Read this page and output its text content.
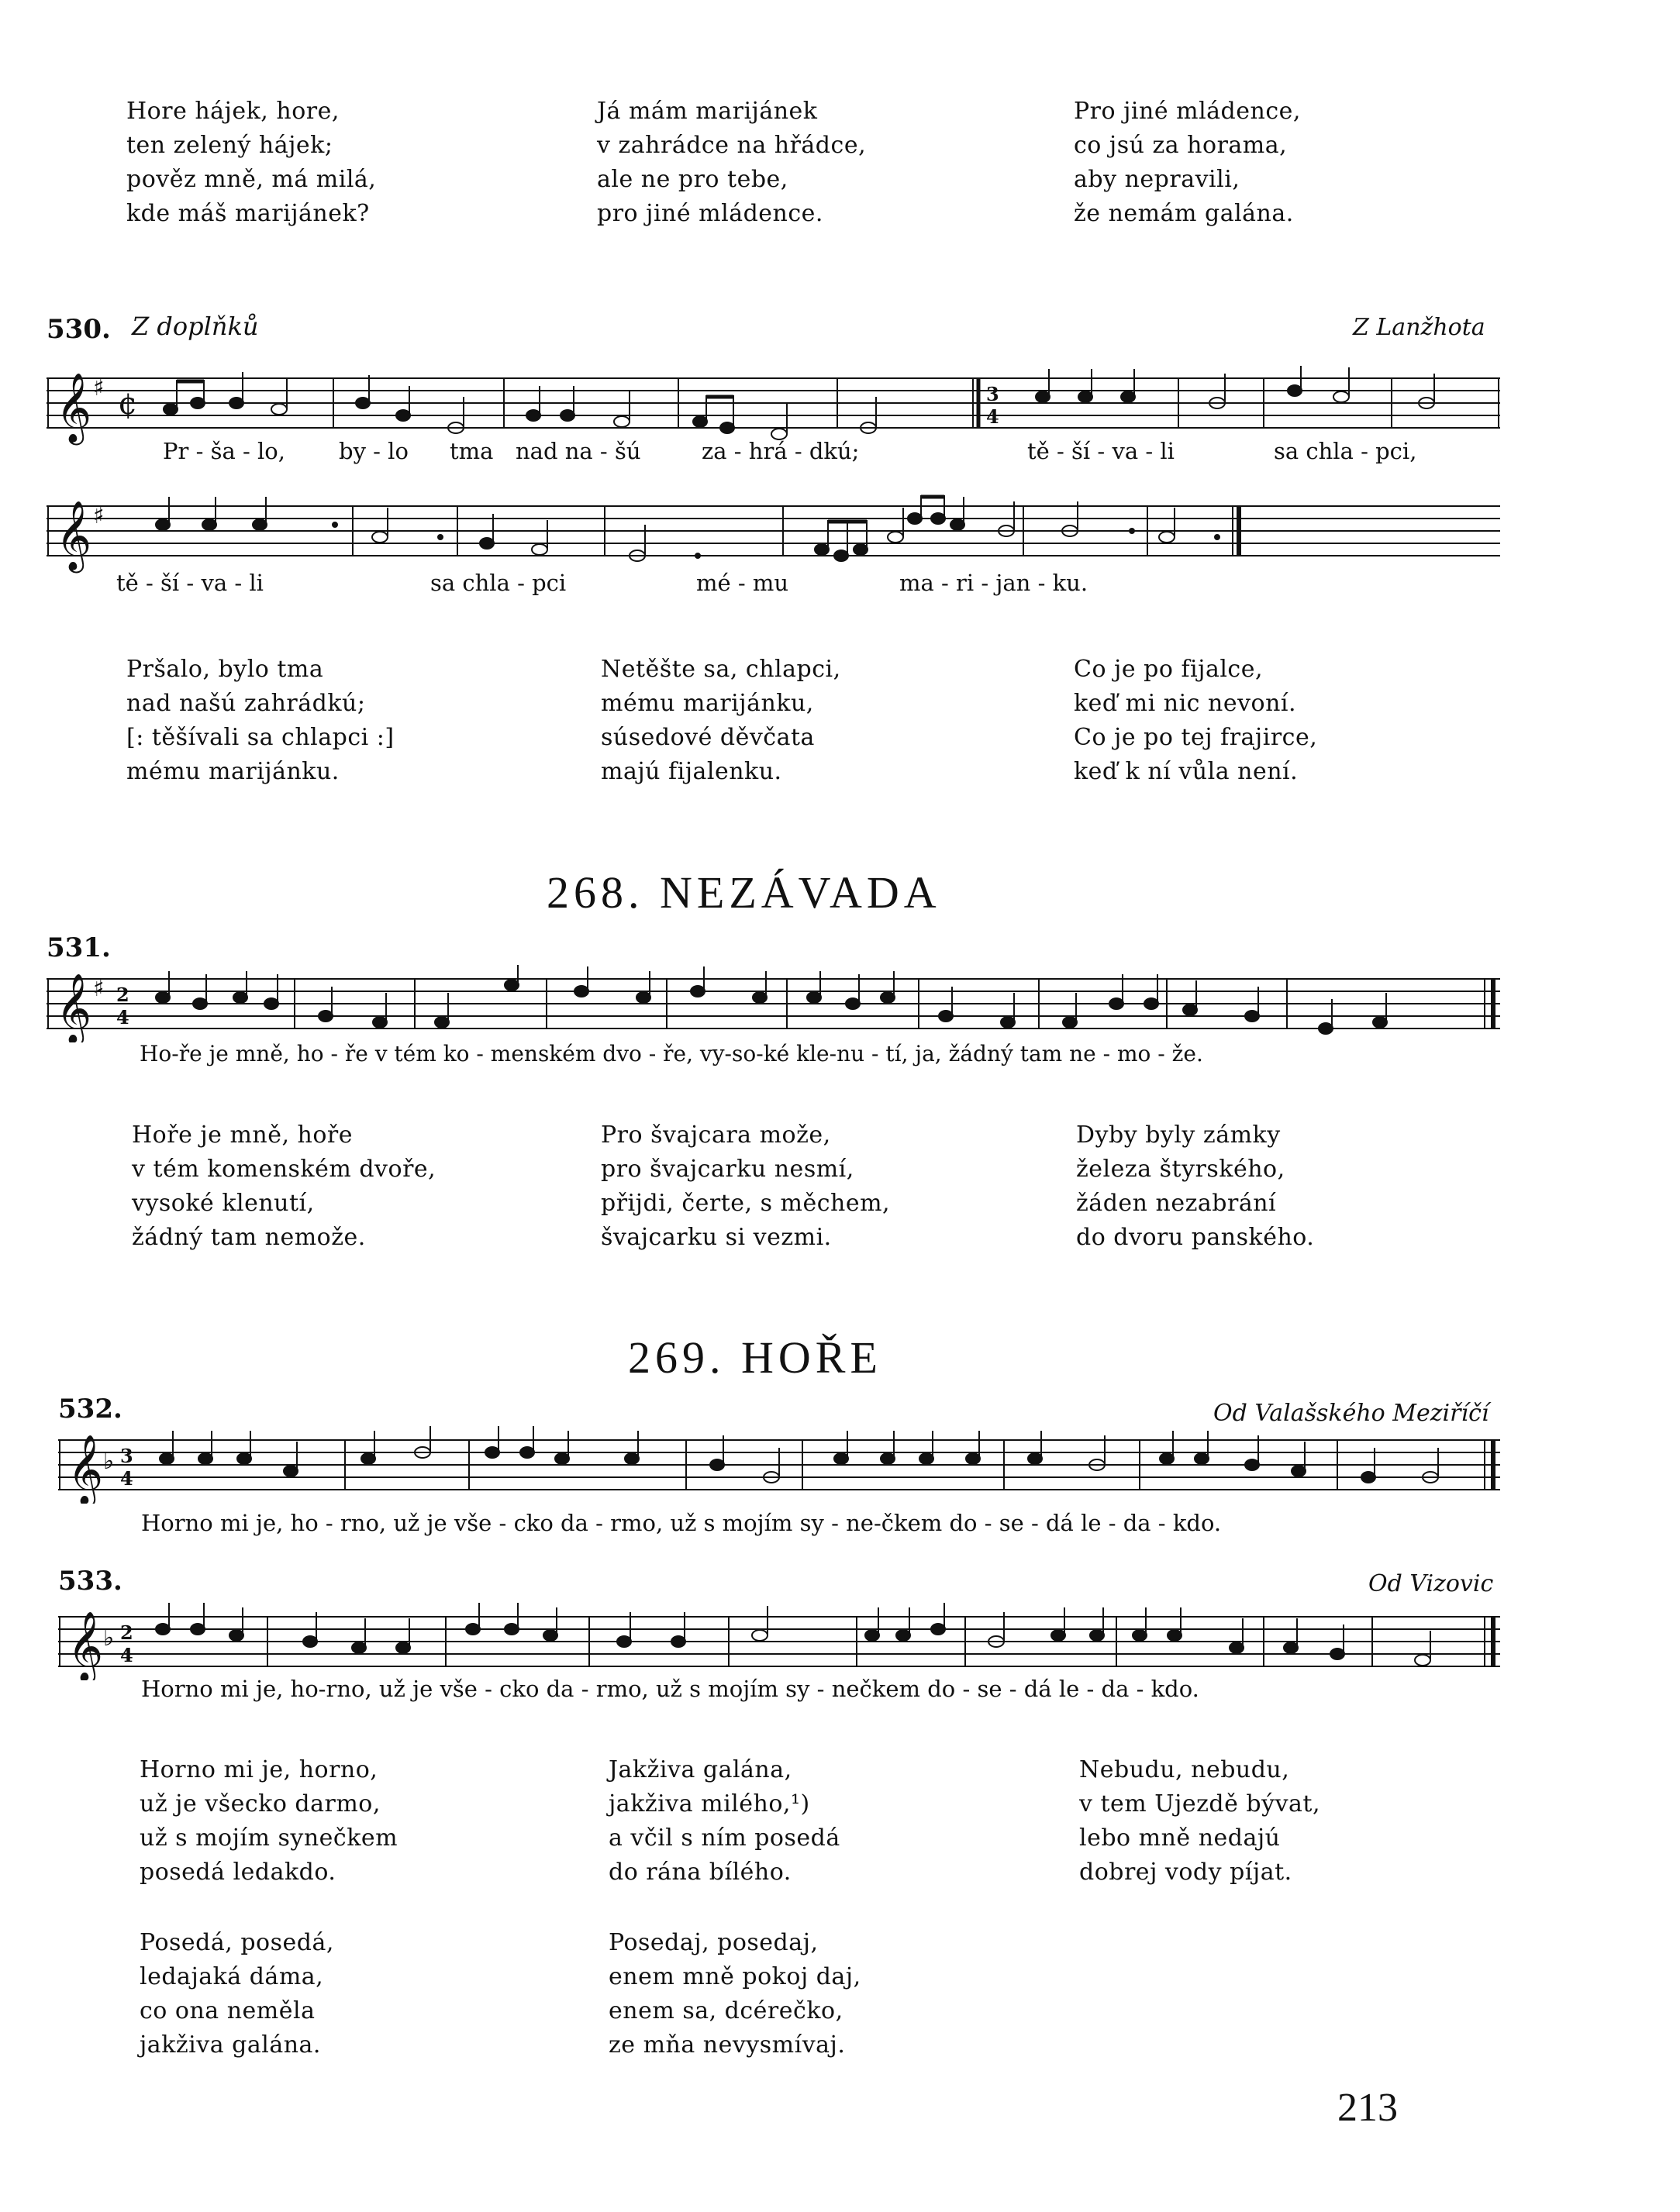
Hore hájek, hore,
ten zelený hájek;
pověz mně, má milá,
kde máš marijánek?
Já mám marijánek
v zahrádce na hřádce,
ale ne pro tebe,
pro jiné mládence.
Pro jiné mládence,
co jsú za horama,
aby nepravili,
že nemám galána.
530. Z doplňků	Z Lanžhota
𝄞 ♯ ¢	3
4
Pr - ša - lo, by - lo tma nad na - šú	za - hrá - dkú;	tě - ší - va - li	sa chla - pci,
𝄞 ♯
tě - ší - va - li	sa chla - pci	mé - mu	ma - ri - jan - ku.
Pršalo, bylo tma
nad našú zahrádkú;
[: těšívali sa chlapci :]
mému marijánku.
Netěšte sa, chlapci,
mému marijánku,
súsedové děvčata
majú fijalenku.
Co je po fijalce,
keď mi nic nevoní.
Co je po tej frajirce,
keď k ní vůla není.
268. NEZÁVADA
531.
𝄞 ♯ 2
4
Ho-ře je mně, ho - ře v tém ko - menském dvo - ře, vy-so-ké kle-nu - tí, ja, žádný tam ne - mo - že.
Hoře je mně, hoře
v tém komenském dvoře,
vysoké klenutí,
žádný tam nemože.
Pro švajcara može,
pro švajcarku nesmí,
přijdi, čerte, s měchem,
švajcarku si vezmi.
Dyby byly zámky
železa štyrského,
žáden nezabrání
do dvoru panského.
269. HOŘE
532.	Od Valašského Meziříčí
𝄞 ♭ 3
4
Horno mi je, ho - rno, už je vše - cko da - rmo, už s mojím sy - ne-čkem do - se - dá le - da - kdo.
533.	Od Vizovic
𝄞 ♭ 2
4
Horno mi je, ho-rno, už je vše - cko da - rmo, už s mojím sy - nečkem do - se - dá le - da - kdo.
Horno mi je, horno,
už je všecko darmo,
už s mojím synečkem
posedá ledakdo.
Jakživa galána,
jakživa milého,¹)
a včil s ním posedá
do rána bílého.
Nebudu, nebudu,
v tem Ujezdě bývat,
lebo mně nedajú
dobrej vody píjat.
Posedá, posedá,
ledajaká dáma,
co ona neměla
jakživa galána.
Posedaj, posedaj,
enem mně pokoj daj,
enem sa, dcérečko,
ze mňa nevysmívaj.
213
